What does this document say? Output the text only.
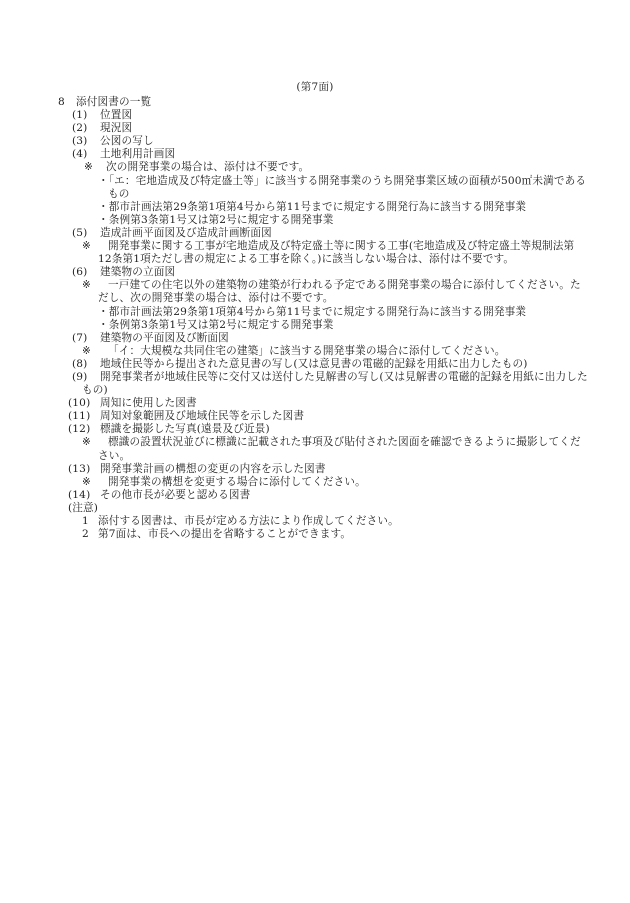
(第7面)
8 添付図書の一覧
(1) 位置図
(2) 現況図
(3) 公図の写し
(4) 土地利用計画図
※ 次の開発事業の場合は、添付は不要です。
・「エ：宅地造成及び特定盛土等」に該当する開発事業のうち開発事業区域の面積が500㎡未満であるもの
・都市計画法第29条第1項第4号から第11号までに規定する開発行為に該当する開発事業
・条例第3条第1号又は第2号に規定する開発事業
(5) 造成計画平面図及び造成計画断面図
※ 開発事業に関する工事が宅地造成及び特定盛土等に関する工事(宅地造成及び特定盛土等規制法第12条第1項ただし書の規定による工事を除く。)に該当しない場合は、添付は不要です。
(6) 建築物の立面図
※ 一戸建ての住宅以外の建築物の建築が行われる予定である開発事業の場合に添付してください。ただし、次の開発事業の場合は、添付は不要です。
・都市計画法第29条第1項第4号から第11号までに規定する開発行為に該当する開発事業
・条例第3条第1号又は第2号に規定する開発事業
(7) 建築物の平面図及び断面図
※ 「イ：大規模な共同住宅の建築」に該当する開発事業の場合に添付してください。
(8) 地域住民等から提出された意見書の写し(又は意見書の電磁的記録を用紙に出力したもの)
(9) 開発事業者が地域住民等に交付又は送付した見解書の写し(又は見解書の電磁的記録を用紙に出力したもの)
(10) 周知に使用した図書
(11) 周知対象範囲及び地域住民等を示した図書
(12) 標識を撮影した写真(遠景及び近景)
※ 標識の設置状況並びに標識に記載された事項及び貼付された図面を確認できるように撮影してください。
(13) 開発事業計画の構想の変更の内容を示した図書
※ 開発事業の構想を変更する場合に添付してください。
(14) その他市長が必要と認める図書
(注意)
1 添付する図書は、市長が定める方法により作成してください。
2 第7面は、市長への提出を省略することができます。
